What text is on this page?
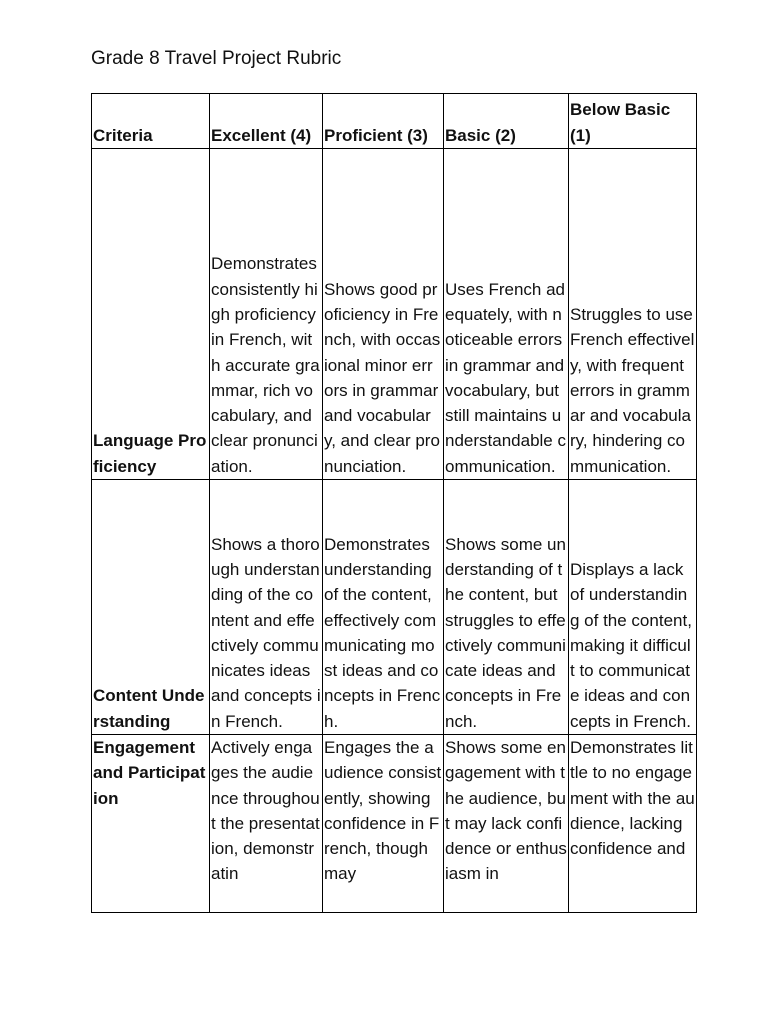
Grade 8 Travel Project Rubric
Criteria	Excellent (4)	Proficient (3)	Basic (2)	Below Basic (1)
Language Proficiency	Demonstrates consistently high proficiency in French, with accurate grammar, rich vocabulary, and clear pronunciation.	Shows good proficiency in French, with occasional minor errors in grammar and vocabulary, and clear pronunciation.	Uses French adequately, with noticeable errors in grammar and vocabulary, but still maintains understandable communication.	Struggles to use French effectively, with frequent errors in grammar and vocabulary, hindering communication.
Content Understanding	Shows a thorough understanding of the content and effectively communicates ideas and concepts in French.	Demonstrates understanding of the content, effectively communicating most ideas and concepts in French.	Shows some understanding of the content, but struggles to effectively communicate ideas and concepts in French.	Displays a lack of understanding of the content, making it difficult to communicate ideas and concepts in French.
Engagement and Participation	Actively engages the audience throughout the presentation, demonstratin	Engages the audience consistently, showing confidence in French, though may	Shows some engagement with the audience, but may lack confidence or enthusiasm in	Demonstrates little to no engagement with the audience, lacking confidence and
